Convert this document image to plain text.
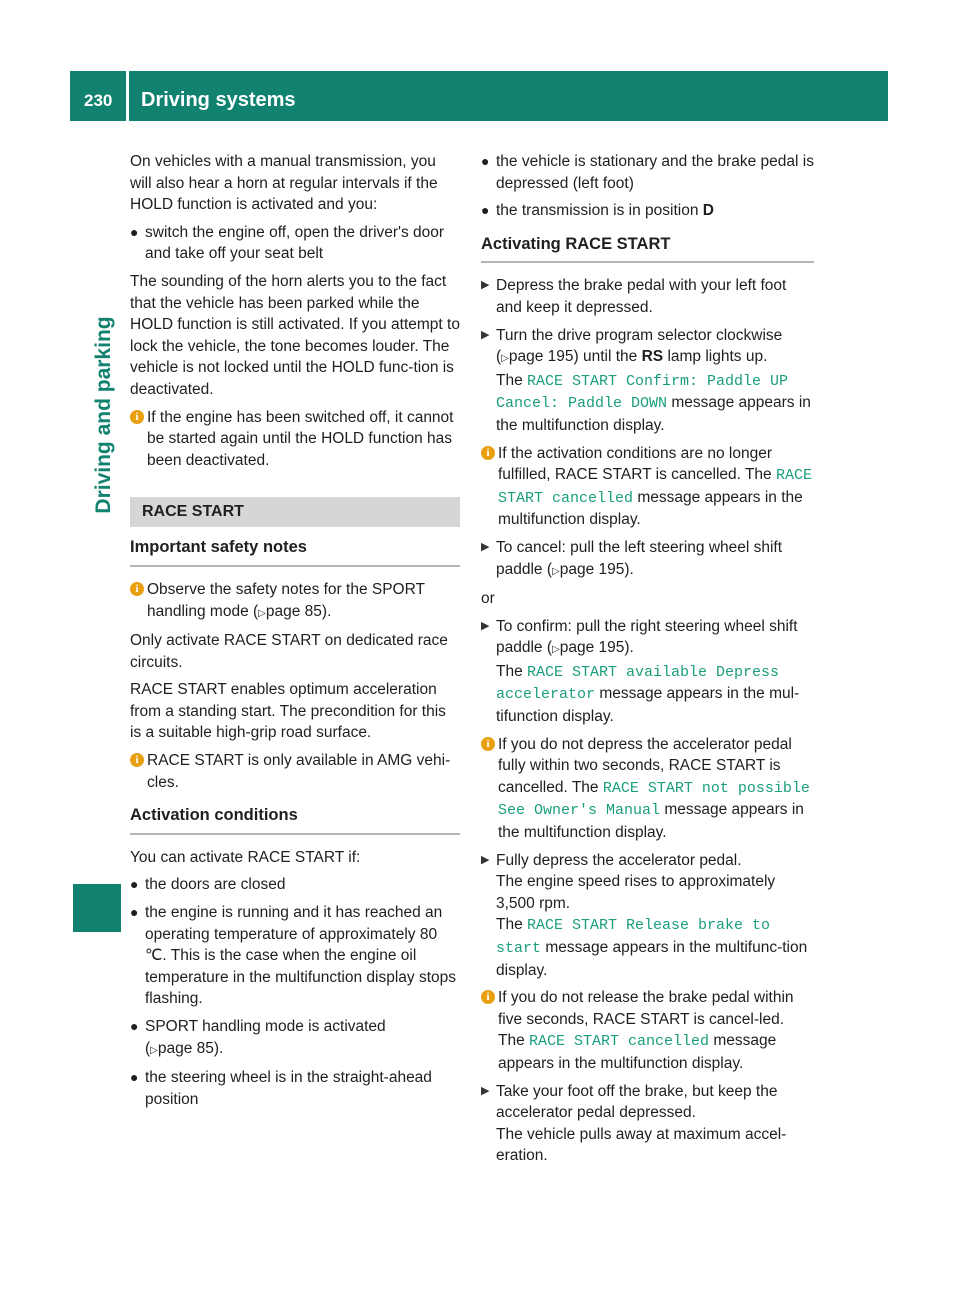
230	Driving systems
Driving and parking

On vehicles with a manual transmission, you will also hear a horn at regular intervals if the HOLD function is activated and you:

● switch the engine off, open the driver's door and take off your seat belt

The sounding of the horn alerts you to the fact that the vehicle has been parked while the HOLD function is still activated. If you attempt to lock the vehicle, the tone becomes louder. The vehicle is not locked until the HOLD func-tion is deactivated.

i If the engine has been switched off, it cannot be started again until the HOLD function has been deactivated.
RACE START
Important safety notes
i Observe the safety notes for the SPORT handling mode (▷page 85).

Only activate RACE START on dedicated race circuits.

RACE START enables optimum acceleration from a standing start. The precondition for this is a suitable high-grip road surface.

i RACE START is only available in AMG vehi-cles.
Activation conditions

You can activate RACE START if:

● the doors are closed
● the engine is running and it has reached an operating temperature of approximately 80 ℃. This is the case when the engine oil temperature in the multifunction display stops flashing.
● SPORT handling mode is activated
(▷page 85).
● the steering wheel is in the straight-ahead position
● the vehicle is stationary and the brake pedal is depressed (left foot)
● the transmission is in position D
Activating RACE START
▶ Depress the brake pedal with your left foot and keep it depressed.
▶ Turn the drive program selector clockwise (▷page 195) until the RS lamp lights up.
The RACE START Confirm: Paddle UP Cancel: Paddle DOWN message appears in the multifunction display.
i If the activation conditions are no longer fulfilled, RACE START is cancelled. The RACE START cancelled message appears in the multifunction display.
▶ To cancel: pull the left steering wheel shift paddle (▷page 195).

or

▶ To confirm: pull the right steering wheel shift paddle (▷page 195).
The RACE START available Depress accelerator message appears in the mul-tifunction display.
i If you do not depress the accelerator pedal fully within two seconds, RACE START is cancelled. The RACE START not possible See Owner's Manual message appears in the multifunction display.
▶ Fully depress the accelerator pedal.
The engine speed rises to approximately 3,500 rpm.
The RACE START Release brake to start message appears in the multifunc-tion display.
i If you do not release the brake pedal within five seconds, RACE START is cancel-led. The RACE START cancelled message appears in the multifunction display.
▶ Take your foot off the brake, but keep the accelerator pedal depressed.
The vehicle pulls away at maximum accel-eration.
